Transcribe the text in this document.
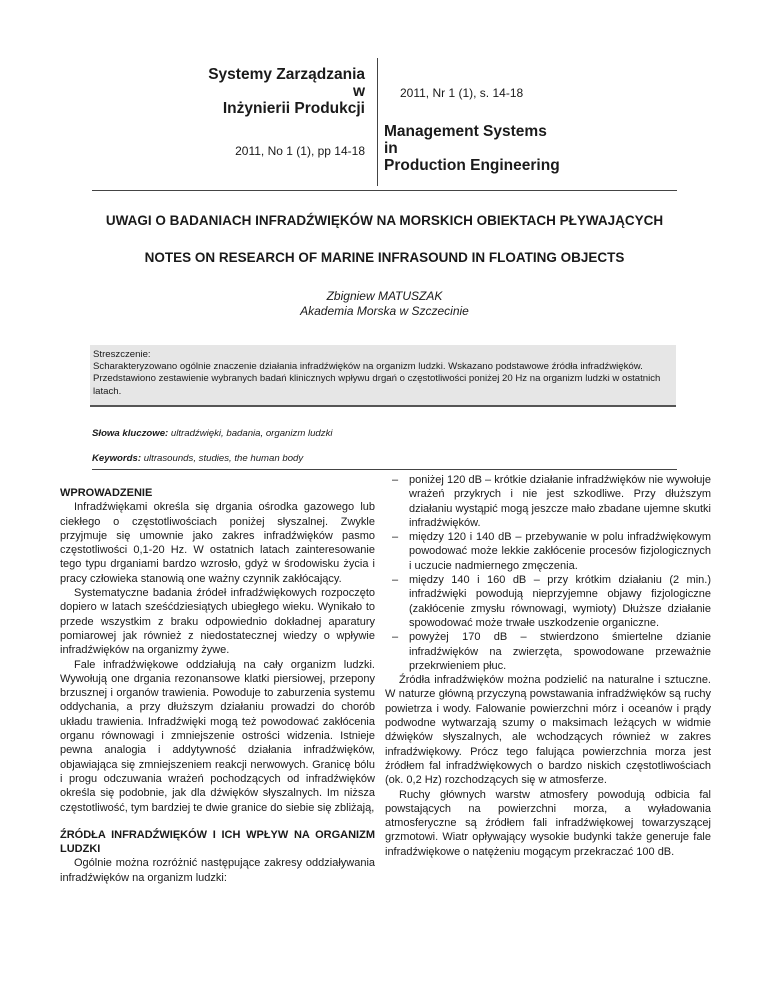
Systemy Zarządzania
w
Inżynierii Produkcji
2011, Nr 1 (1), s. 14-18
2011, No 1 (1), pp 14-18
Management Systems
in
Production Engineering
UWAGI O BADANIACH INFRADŹWIĘKÓW NA MORSKICH OBIEKTACH PŁYWAJĄCYCH
NOTES ON RESEARCH OF MARINE INFRASOUND IN FLOATING OBJECTS
Zbigniew MATUSZAK
Akademia Morska w Szczecinie
Streszczenie:
Scharakteryzowano ogólnie znaczenie działania infradźwięków na organizm ludzki. Wskazano podstawowe źródła infradźwięków. Przedstawiono zestawienie wybranych badań klinicznych wpływu drgań o częstotliwości poniżej 20 Hz na organizm ludzki w ostatnich latach.
Słowa kluczowe: ultradźwięki, badania, organizm ludzki
Keywords: ultrasounds, studies, the human body
WPROWADZENIE

Infradźwiękami określa się drgania ośrodka gazowego lub ciekłego o częstotliwościach poniżej słyszalnej. Zwykle przyjmuje się umownie jako zakres infradźwięków pasmo częstotliwości 0,1-20 Hz. W ostatnich latach zainteresowanie tego typu drganiami bardzo wzrosło, gdyż w środowisku życia i pracy człowieka stanowią one ważny czynnik zakłócający.

Systematyczne badania źródeł infradźwiękowych rozpoczęto dopiero w latach sześćdziesiątych ubiegłego wieku. Wynikało to przede wszystkim z braku odpowiednio dokładnej aparatury pomiarowej jak również z niedostatecznej wiedzy o wpływie infradźwięków na organizmy żywe.

Fale infradźwiękowe oddziałują na cały organizm ludzki. Wywołują one drgania rezonansowe klatki piersiowej, przepony brzusznej i organów trawienia. Powoduje to zaburzenia systemu oddychania, a przy dłuższym działaniu prowadzi do chorób układu trawienia. Infradźwięki mogą też powodować zakłócenia organu równowagi i zmniejszenie ostrości widzenia. Istnieje pewna analogia i addytywność działania infradźwięków, objawiająca się zmniejszeniem reakcji nerwowych. Granicę bólu i progu odczuwania wrażeń pochodzących od infradźwięków określa się podobnie, jak dla dźwięków słyszalnych. Im niższa częstotliwość, tym bardziej te dwie granice do siebie się zbliżają,

ŹRÓDŁA INFRADŹWIĘKÓW I ICH WPŁYW NA ORGANIZM LUDZKI

Ogólnie można rozróżnić następujące zakresy oddziaływania infradźwięków na organizm ludzki:

– poniżej 120 dB – krótkie działanie infradźwięków nie wywołuje wrażeń przykrych i nie jest szkodliwe. Przy dłuższym działaniu wystąpić mogą jeszcze mało zbadane ujemne skutki infradźwięków.
– między 120 i 140 dB – przebywanie w polu infradźwiękowym powodować może lekkie zakłócenie procesów fizjologicznych i uczucie nadmiernego zmęczenia.
– między 140 i 160 dB – przy krótkim działaniu (2 min.) infradźwięki powodują nieprzyjemne objawy fizjologiczne (zakłócenie zmysłu równowagi, wymioty) Dłuższe działanie spowodować może trwałe uszkodzenie organiczne.
– powyżej 170 dB – stwierdzono śmiertelne dzianie infradźwięków na zwierzęta, spowodowane przeważnie przekrwieniem płuc.

Źródła infradźwięków można podzielić na naturalne i sztuczne. W naturze główną przyczyną powstawania infradźwięków są ruchy powietrza i wody. Falowanie powierzchni mórz i oceanów i prądy podwodne wytwarzają szumy o maksimach leżących w widmie dźwięków słyszalnych, ale wchodzących również w zakres infradźwiękowy. Prócz tego falująca powierzchnia morza jest źródłem fal infradźwiękowych o bardzo niskich częstotliwościach (ok. 0,2 Hz) rozchodzących się w atmosferze.

Ruchy głównych warstw atmosfery powodują odbicia fal powstających na powierzchni morza, a wyładowania atmosferyczne są źródłem fali infradźwiękowej towarzyszącej grzmotowi. Wiatr opływający wysokie budynki także generuje fale infradźwiękowe o natężeniu mogącym przekraczać 100 dB.
